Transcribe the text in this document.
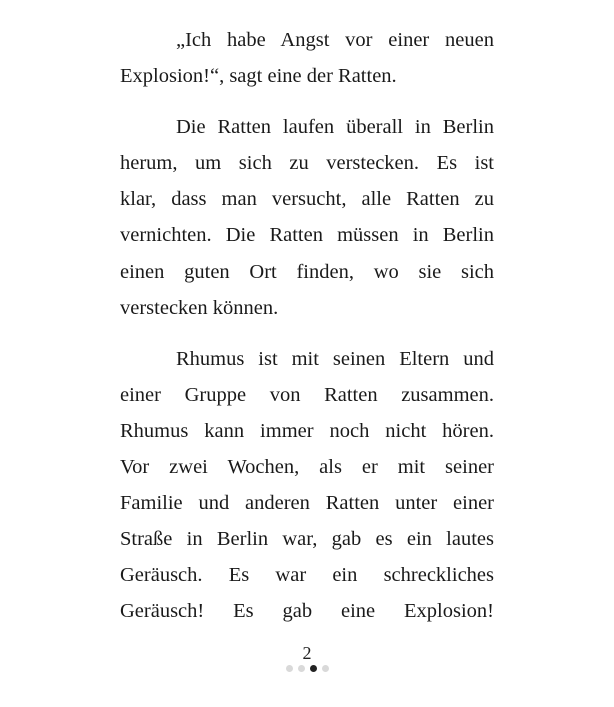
„Ich habe Angst vor einer neuen
Explosion!“, sagt eine der Ratten.

Die Ratten laufen überall in Berlin
herum, um sich zu verstecken. Es ist
klar, dass man versucht, alle Ratten zu
vernichten. Die Ratten müssen in Berlin
einen guten Ort finden, wo sie sich
verstecken können.

Rhumus ist mit seinen Eltern und
einer Gruppe von Ratten zusammen.
Rhumus kann immer noch nicht hören.
Vor zwei Wochen, als er mit seiner
Familie und anderen Ratten unter einer
Straße in Berlin war, gab es ein lautes
Geräusch. Es war ein schreckliches
Geräusch! Es gab eine Explosion!

2
